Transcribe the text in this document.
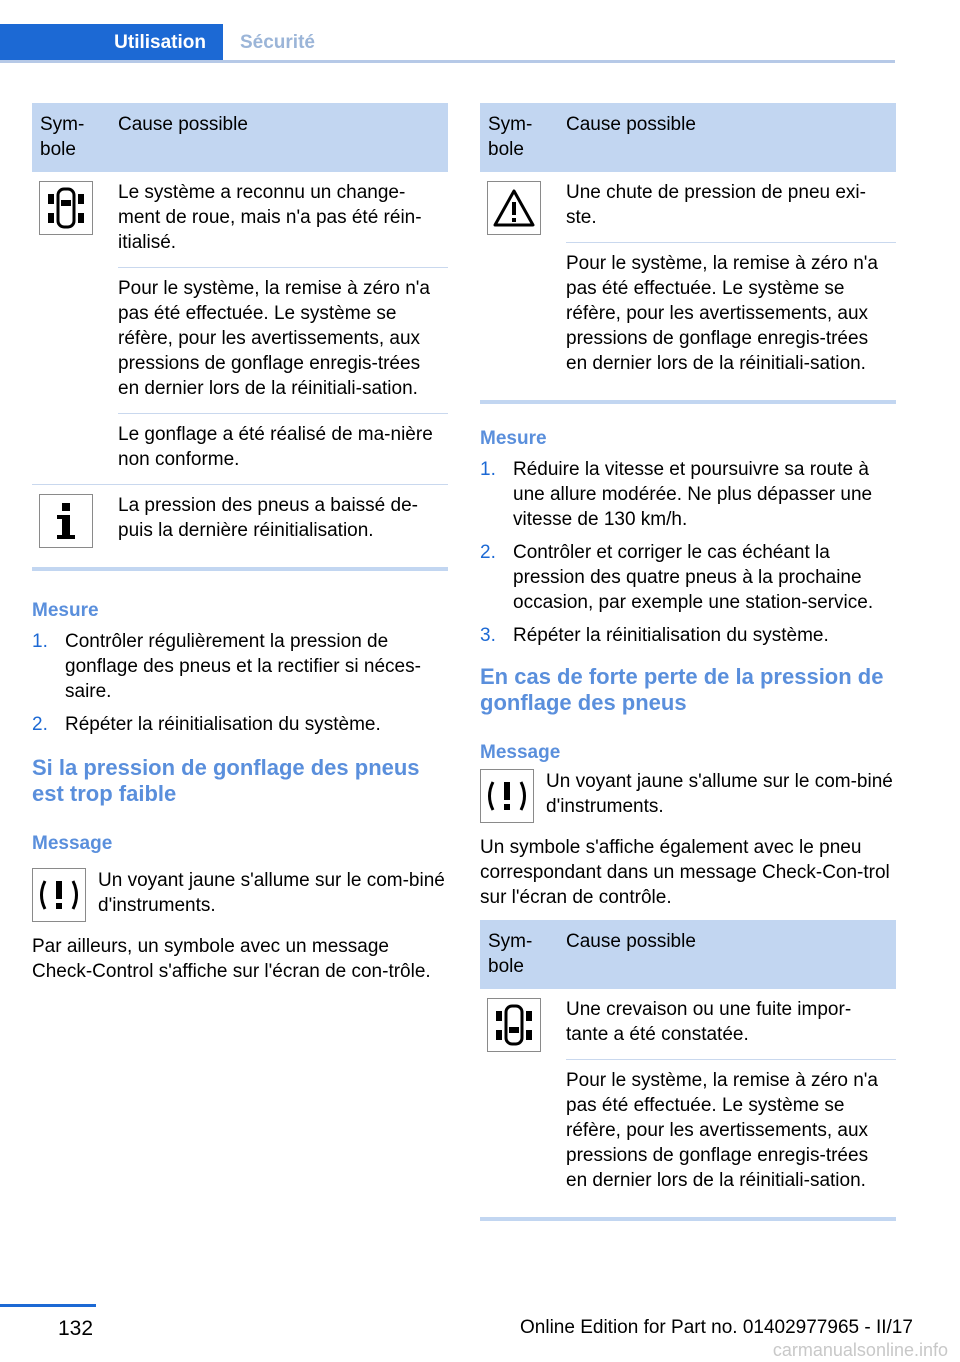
Utilisation	Sécurité
Sym-
bole
Cause possible
Le système a reconnu un change-ment de roue, mais n'a pas été réin-itialisé.
Pour le système, la remise à zéro n'a pas été effectuée. Le système se réfère, pour les avertissements, aux pressions de gonflage enregis-trées en dernier lors de la réinitiali-sation.
Le gonflage a été réalisé de ma-nière non conforme.
La pression des pneus a baissé de-puis la dernière réinitialisation.
Mesure
1. Contrôler régulièrement la pression de gonflage des pneus et la rectifier si néces-saire.
2. Répéter la réinitialisation du système.
Si la pression de gonflage des pneus est trop faible
Message
Un voyant jaune s'allume sur le com-biné d'instruments.
Par ailleurs, un symbole avec un message Check-Control s'affiche sur l'écran de con-trôle.
Sym-
bole
Cause possible
Une chute de pression de pneu exi-ste.
Pour le système, la remise à zéro n'a pas été effectuée. Le système se réfère, pour les avertissements, aux pressions de gonflage enregis-trées en dernier lors de la réinitiali-sation.
Mesure
1. Réduire la vitesse et poursuivre sa route à une allure modérée. Ne plus dépasser une vitesse de 130 km/h.
2. Contrôler et corriger le cas échéant la pression des quatre pneus à la prochaine occasion, par exemple une station-service.
3. Répéter la réinitialisation du système.
En cas de forte perte de la pression de gonflage des pneus
Message
Un voyant jaune s'allume sur le com-biné d'instruments.
Un symbole s'affiche également avec le pneu correspondant dans un message Check-Con-trol sur l'écran de contrôle.
Sym-
bole
Cause possible
Une crevaison ou une fuite impor-tante a été constatée.
Pour le système, la remise à zéro n'a pas été effectuée. Le système se réfère, pour les avertissements, aux pressions de gonflage enregis-trées en dernier lors de la réinitiali-sation.
132	Online Edition for Part no. 01402977965 - II/17
carmanualsonline.info
